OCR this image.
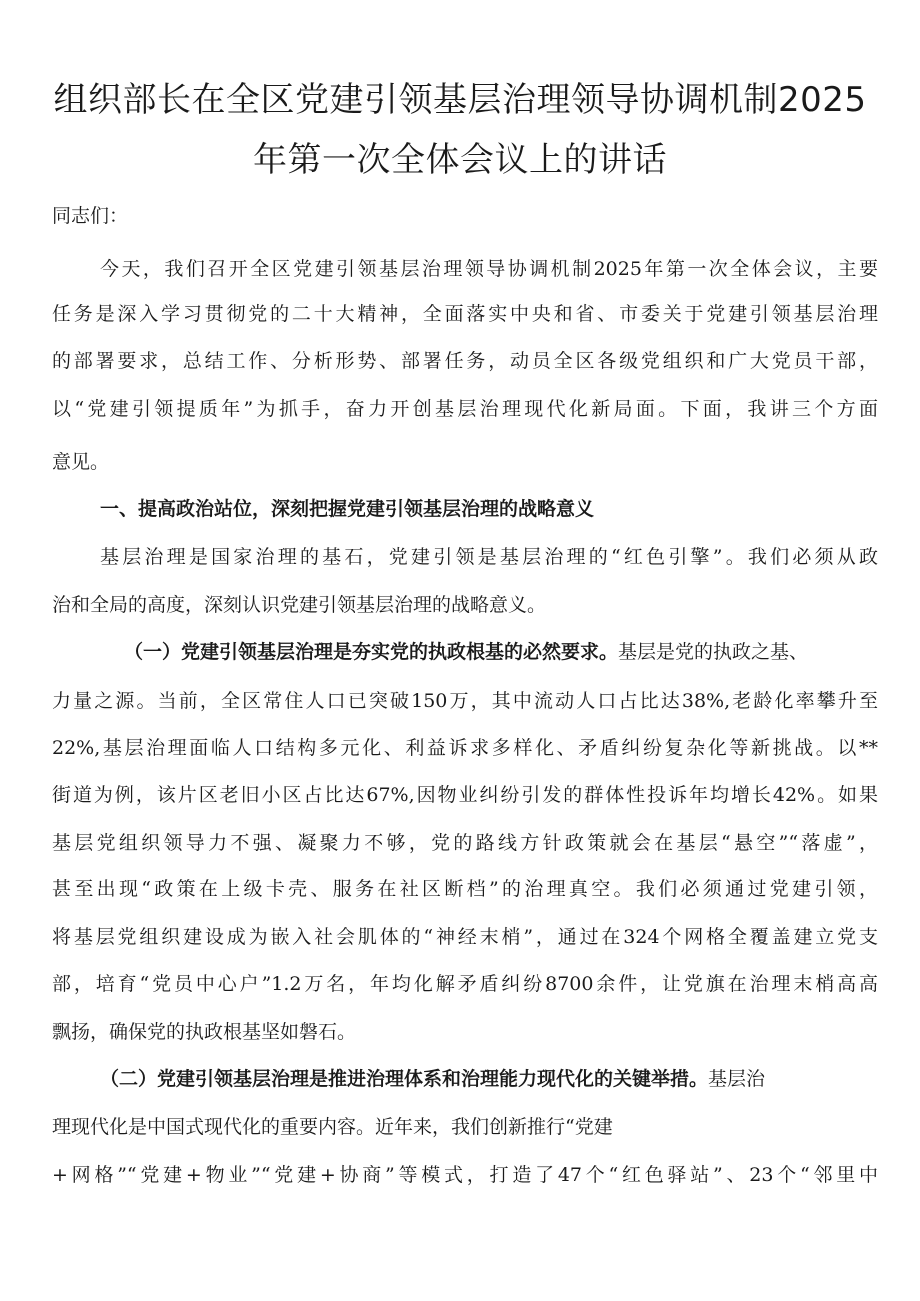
组织部长在全区党建引领基层治理领导协调机制2025
年第一次全体会议上的讲话
同志们：
今天，我们召开全区党建引领基层治理领导协调机制2025年第一次全体会议，主要
任务是深入学习贯彻党的二十大精神，全面落实中央和省、市委关于党建引领基层治理
的部署要求，总结工作、分析形势、部署任务，动员全区各级党组织和广大党员干部，
以“党建引领提质年”为抓手，奋力开创基层治理现代化新局面。下面，我讲三个方面
意见。
一、提高政治站位，深刻把握党建引领基层治理的战略意义
基层治理是国家治理的基石，党建引领是基层治理的“红色引擎”。我们必须从政
治和全局的高度，深刻认识党建引领基层治理的战略意义。
（一）党建引领基层治理是夯实党的执政根基的必然要求。基层是党的执政之基、
力量之源。当前，全区常住人口已突破150万，其中流动人口占比达38%,老龄化率攀升至
22%,基层治理面临人口结构多元化、利益诉求多样化、矛盾纠纷复杂化等新挑战。以**
街道为例，该片区老旧小区占比达67%,因物业纠纷引发的群体性投诉年均增长42%。如果
基层党组织领导力不强、凝聚力不够，党的路线方针政策就会在基层“悬空”“落虚”，
甚至出现“政策在上级卡壳、服务在社区断档”的治理真空。我们必须通过党建引领，
将基层党组织建设成为嵌入社会肌体的“神经末梢”，通过在324个网格全覆盖建立党支
部，培育“党员中心户”1.2万名，年均化解矛盾纠纷8700余件，让党旗在治理末梢高高
飘扬，确保党的执政根基坚如磐石。
（二）党建引领基层治理是推进治理体系和治理能力现代化的关键举措。基层治
理现代化是中国式现代化的重要内容。近年来，我们创新推行“党建
+网格”“党建+物业”“党建+协商”等模式，打造了47个“红色驿站”、23个“邻里中
